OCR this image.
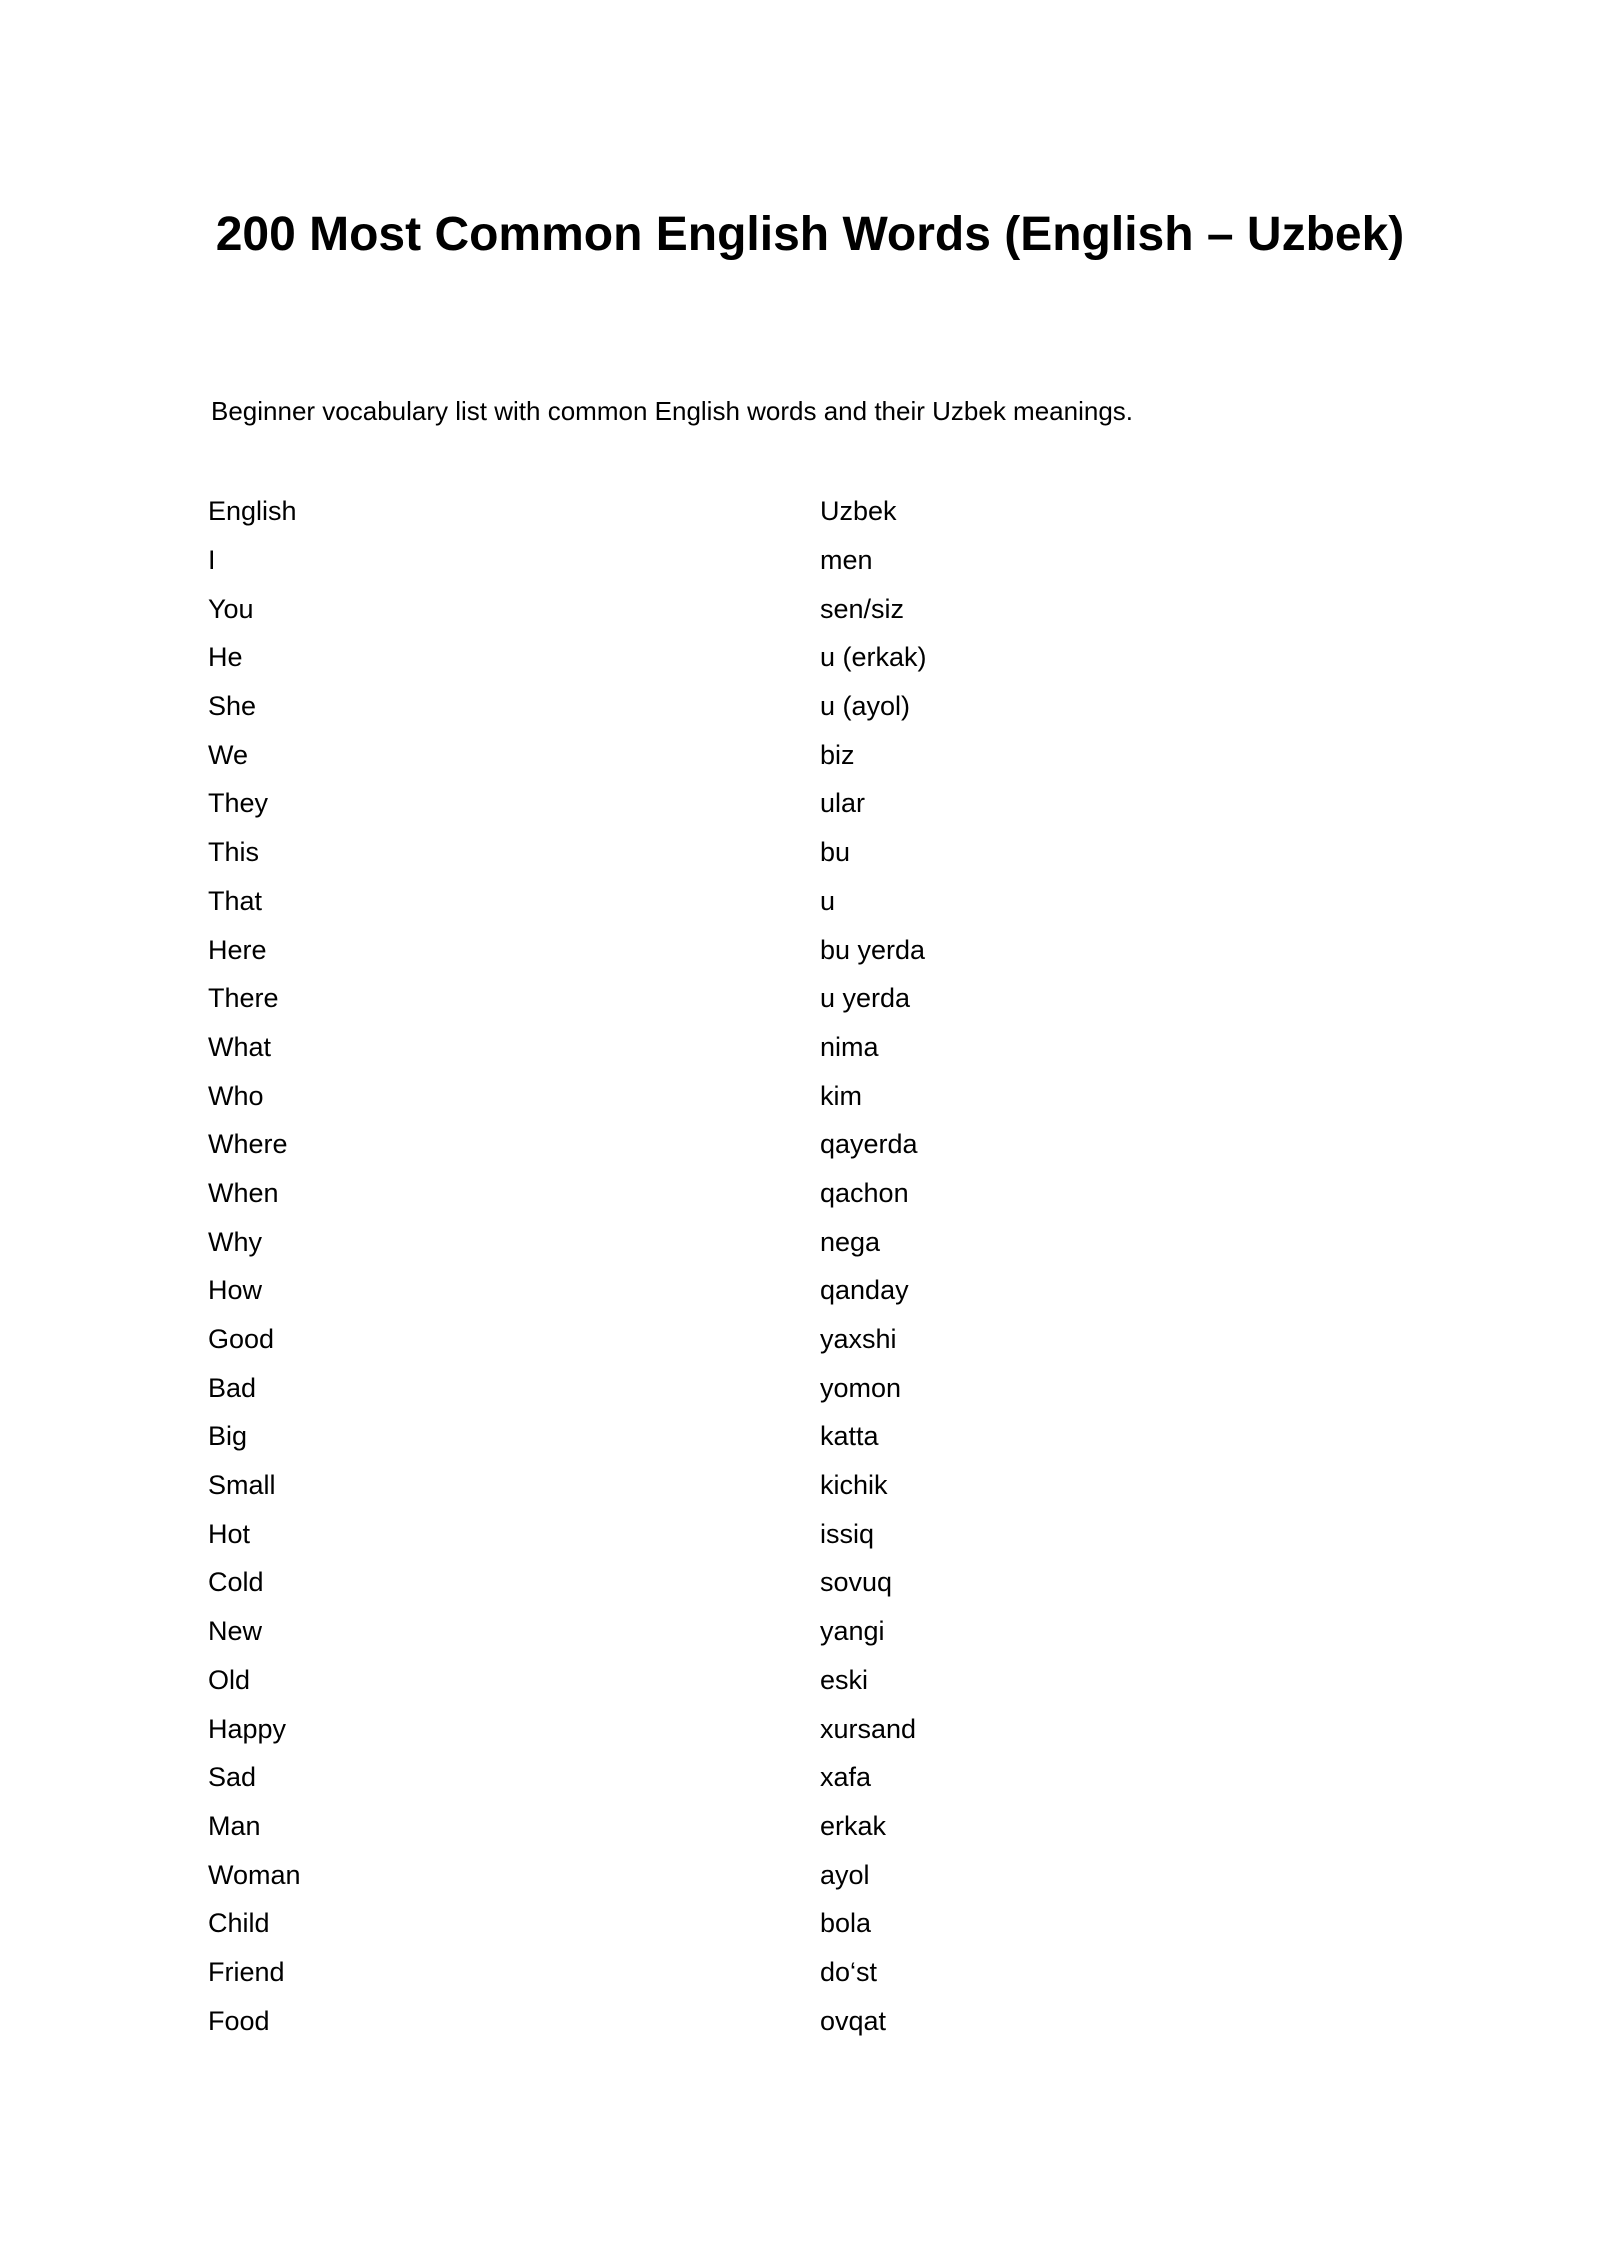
200 Most Common English Words (English – Uzbek)

Beginner vocabulary list with common English words and their Uzbek meanings.

English	Uzbek
I	men
You	sen/siz
He	u (erkak)
She	u (ayol)
We	biz
They	ular
This	bu
That	u
Here	bu yerda
There	u yerda
What	nima
Who	kim
Where	qayerda
When	qachon
Why	nega
How	qanday
Good	yaxshi
Bad	yomon
Big	katta
Small	kichik
Hot	issiq
Cold	sovuq
New	yangi
Old	eski
Happy	xursand
Sad	xafa
Man	erkak
Woman	ayol
Child	bola
Friend	do‘st
Food	ovqat
